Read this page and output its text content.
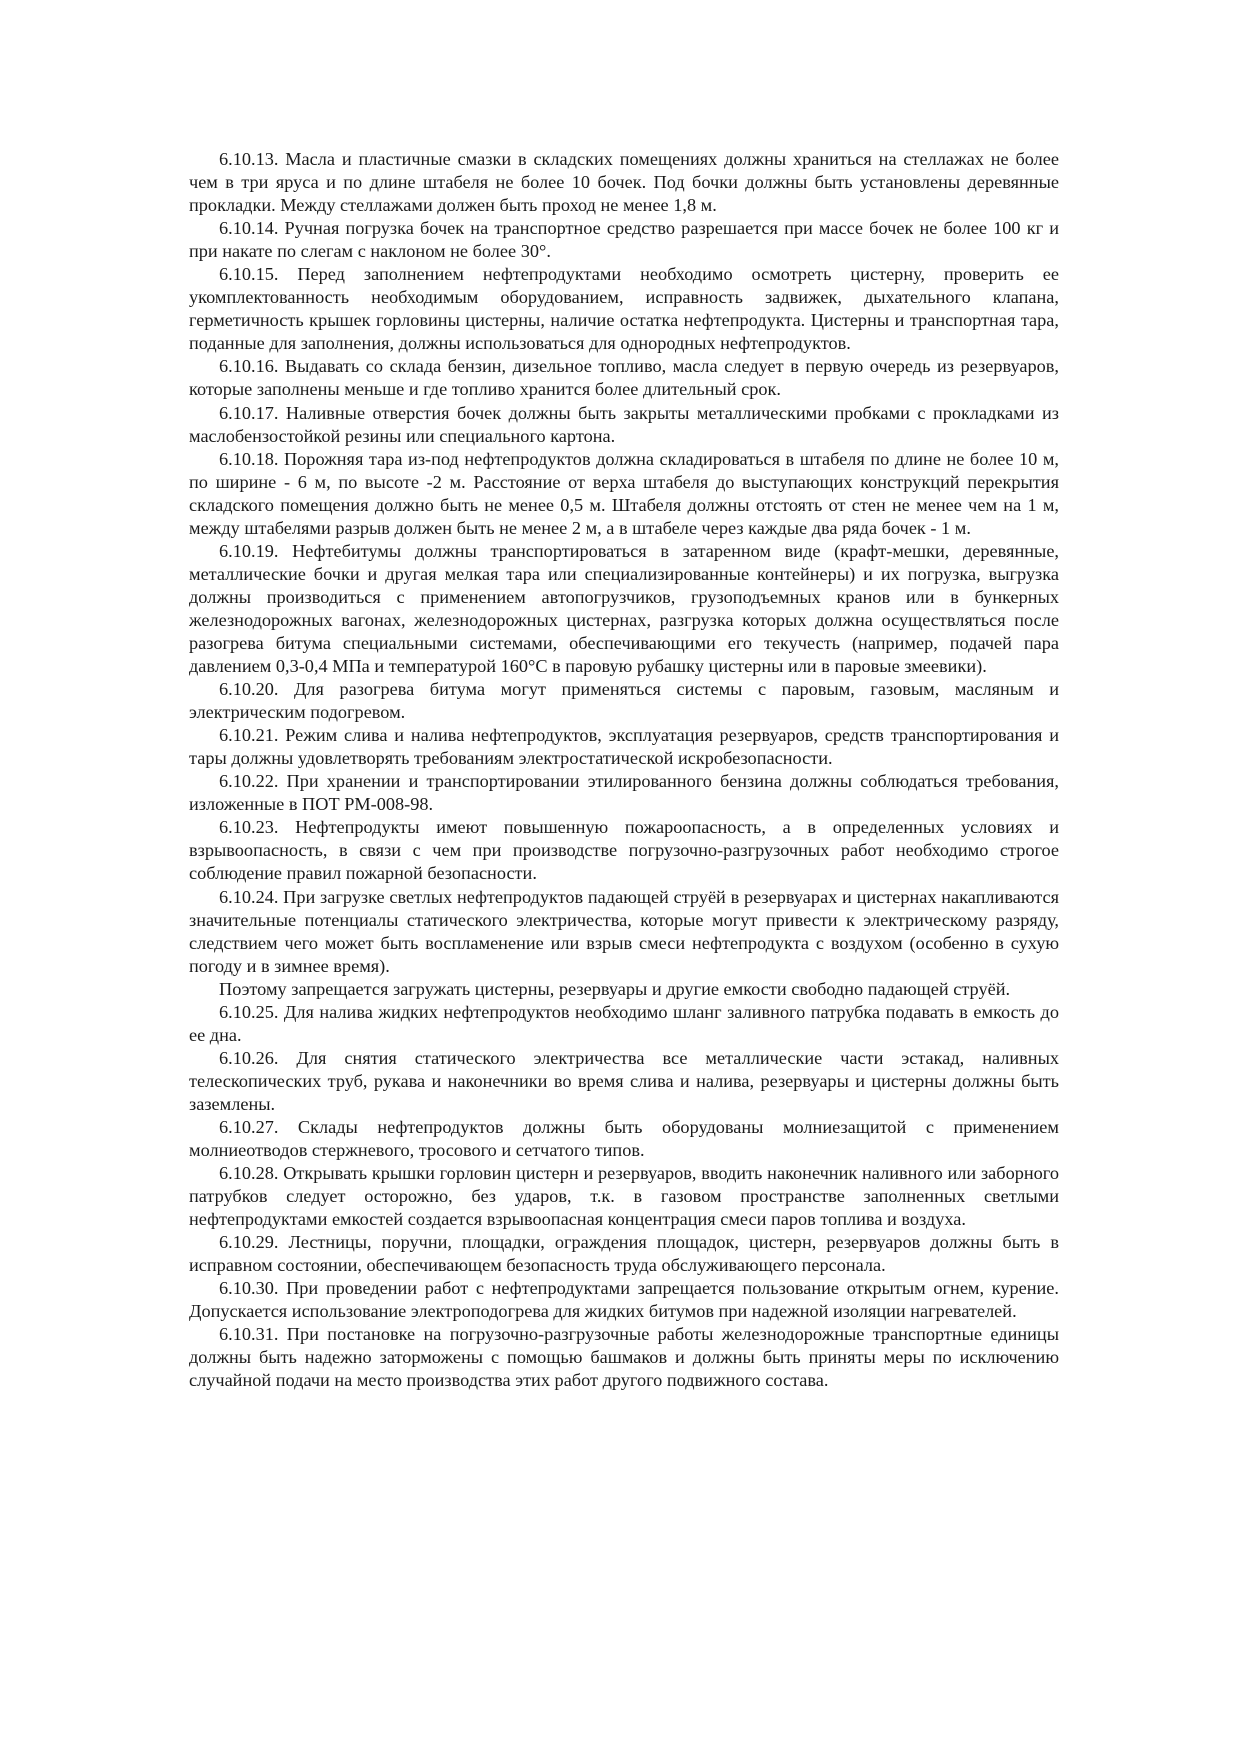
6.10.13. Масла и пластичные смазки в складских помещениях должны храниться на стеллажах не более чем в три яруса и по длине штабеля не более 10 бочек. Под бочки должны быть установлены деревянные прокладки. Между стеллажами должен быть проход не менее 1,8 м.

6.10.14. Ручная погрузка бочек на транспортное средство разрешается при массе бочек не более 100 кг и при накате по слегам с наклоном не более 30°.

6.10.15. Перед заполнением нефтепродуктами необходимо осмотреть цистерну, проверить ее укомплектованность необходимым оборудованием, исправность задвижек, дыхательного клапана, герметичность крышек горловины цистерны, наличие остатка нефтепродукта. Цистерны и транспортная тара, поданные для заполнения, должны использоваться для однородных нефтепродуктов.

6.10.16. Выдавать со склада бензин, дизельное топливо, масла следует в первую очередь из резервуаров, которые заполнены меньше и где топливо хранится более длительный срок.

6.10.17. Наливные отверстия бочек должны быть закрыты металлическими пробками с прокладками из маслобензостойкой резины или специального картона.

6.10.18. Порожняя тара из-под нефтепродуктов должна складироваться в штабеля по длине не более 10 м, по ширине - 6 м, по высоте -2 м. Расстояние от верха штабеля до выступающих конструкций перекрытия складского помещения должно быть не менее 0,5 м. Штабеля должны отстоять от стен не менее чем на 1 м, между штабелями разрыв должен быть не менее 2 м, а в штабеле через каждые два ряда бочек - 1 м.

6.10.19. Нефтебитумы должны транспортироваться в затаренном виде (крафт-мешки, деревянные, металлические бочки и другая мелкая тара или специализированные контейнеры) и их погрузка, выгрузка должны производиться с применением автопогрузчиков, грузоподъемных кранов или в бункерных железнодорожных вагонах, железнодорожных цистернах, разгрузка которых должна осуществляться после разогрева битума специальными системами, обеспечивающими его текучесть (например, подачей пара давлением 0,3-0,4 МПа и температурой 160°С в паровую рубашку цистерны или в паровые змеевики).

6.10.20. Для разогрева битума могут применяться системы с паровым, газовым, масляным и электрическим подогревом.

6.10.21. Режим слива и налива нефтепродуктов, эксплуатация резервуаров, средств транспортирования и тары должны удовлетворять требованиям электростатической искробезопасности.

6.10.22. При хранении и транспортировании этилированного бензина должны соблюдаться требования, изложенные в ПОТ РМ-008-98.

6.10.23. Нефтепродукты имеют повышенную пожароопасность, а в определенных условиях и взрывоопасность, в связи с чем при производстве погрузочно-разгрузочных работ необходимо строгое соблюдение правил пожарной безопасности.

6.10.24. При загрузке светлых нефтепродуктов падающей струёй в резервуарах и цистернах накапливаются значительные потенциалы статического электричества, которые могут привести к электрическому разряду, следствием чего может быть воспламенение или взрыв смеси нефтепродукта с воздухом (особенно в сухую погоду и в зимнее время).

Поэтому запрещается загружать цистерны, резервуары и другие емкости свободно падающей струёй.

6.10.25. Для налива жидких нефтепродуктов необходимо шланг заливного патрубка подавать в емкость до ее дна.

6.10.26. Для снятия статического электричества все металлические части эстакад, наливных телескопических труб, рукава и наконечники во время слива и налива, резервуары и цистерны должны быть заземлены.

6.10.27. Склады нефтепродуктов должны быть оборудованы молниезащитой с применением молниеотводов стержневого, тросового и сетчатого типов.

6.10.28. Открывать крышки горловин цистерн и резервуаров, вводить наконечник наливного или заборного патрубков следует осторожно, без ударов, т.к. в газовом пространстве заполненных светлыми нефтепродуктами емкостей создается взрывоопасная концентрация смеси паров топлива и воздуха.

6.10.29. Лестницы, поручни, площадки, ограждения площадок, цистерн, резервуаров должны быть в исправном состоянии, обеспечивающем безопасность труда обслуживающего персонала.

6.10.30. При проведении работ с нефтепродуктами запрещается пользование открытым огнем, курение. Допускается использование электроподогрева для жидких битумов при надежной изоляции нагревателей.

6.10.31. При постановке на погрузочно-разгрузочные работы железнодорожные транспортные единицы должны быть надежно заторможены с помощью башмаков и должны быть приняты меры по исключению случайной подачи на место производства этих работ другого подвижного состава.
